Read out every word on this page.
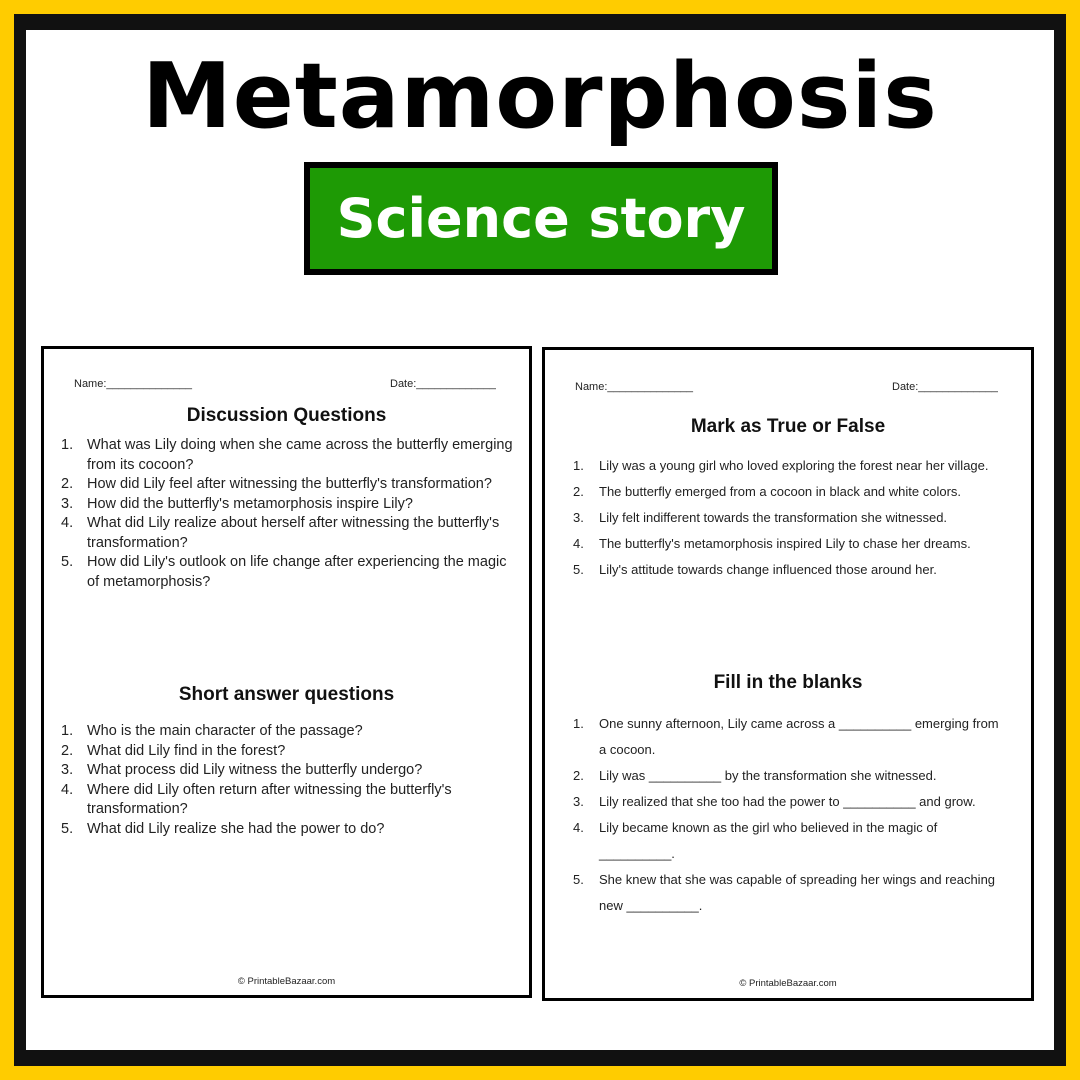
Metamorphosis
Science story
Name:______________	Date:_____________
Discussion Questions
1. What was Lily doing when she came across the butterfly emerging from its cocoon?
2. How did Lily feel after witnessing the butterfly's transformation?
3. How did the butterfly's metamorphosis inspire Lily?
4. What did Lily realize about herself after witnessing the butterfly's transformation?
5. How did Lily's outlook on life change after experiencing the magic of metamorphosis?
Short answer questions
1. Who is the main character of the passage?
2. What did Lily find in the forest?
3. What process did Lily witness the butterfly undergo?
4. Where did Lily often return after witnessing the butterfly's transformation?
5. What did Lily realize she had the power to do?
© PrintableBazaar.com
Name:______________	Date:_____________
Mark as True or False
1. Lily was a young girl who loved exploring the forest near her village.
2. The butterfly emerged from a cocoon in black and white colors.
3. Lily felt indifferent towards the transformation she witnessed.
4. The butterfly's metamorphosis inspired Lily to chase her dreams.
5. Lily's attitude towards change influenced those around her.
Fill in the blanks
1. One sunny afternoon, Lily came across a __________ emerging from a cocoon.
2. Lily was __________ by the transformation she witnessed.
3. Lily realized that she too had the power to __________ and grow.
4. Lily became known as the girl who believed in the magic of __________.
5. She knew that she was capable of spreading her wings and reaching new __________.
© PrintableBazaar.com
